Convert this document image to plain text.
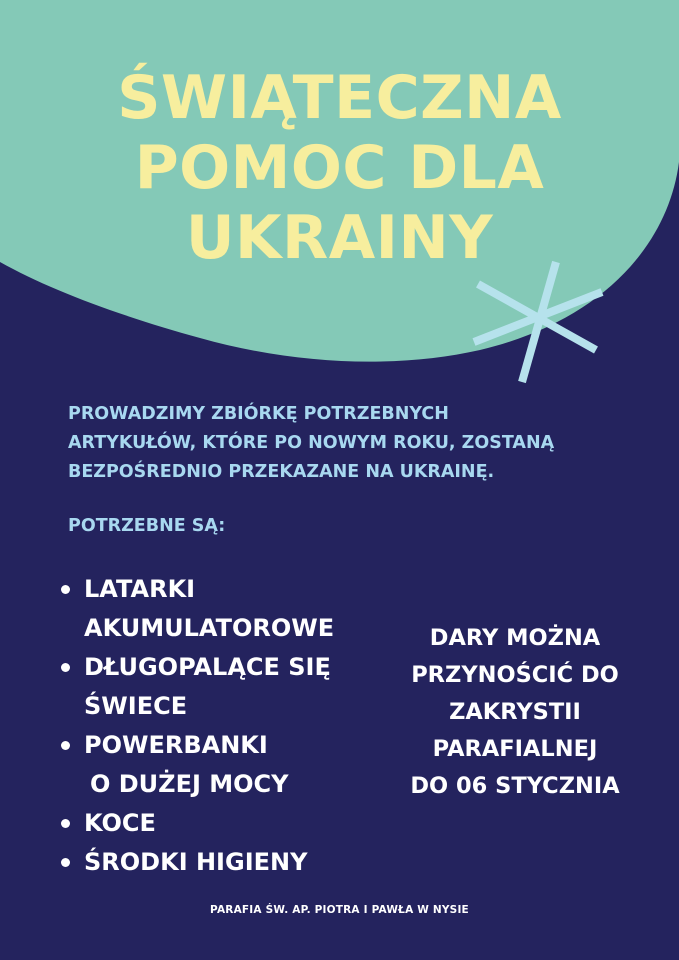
ŚWIĄTECZNA
POMOC DLA
UKRAINY

PROWADZIMY ZBIÓRKĘ POTRZEBNYCH
ARTYKUŁÓW, KTÓRE PO NOWYM ROKU, ZOSTANĄ
BEZPOŚREDNIO PRZEKAZANE NA UKRAINĘ.

POTRZEBNE SĄ:

LATARKI
AKUMULATOROWE
DŁUGOPALĄCE SIĘ
ŚWIECE
POWERBANKI
O DUŻEJ MOCY
KOCE
ŚRODKI HIGIENY

DARY MOŻNA
PRZYNOŚCIĆ DO
ZAKRYSTII
PARAFIALNEJ
DO 06 STYCZNIA

PARAFIA ŚW. AP. PIOTRA I PAWŁA W NYSIE
